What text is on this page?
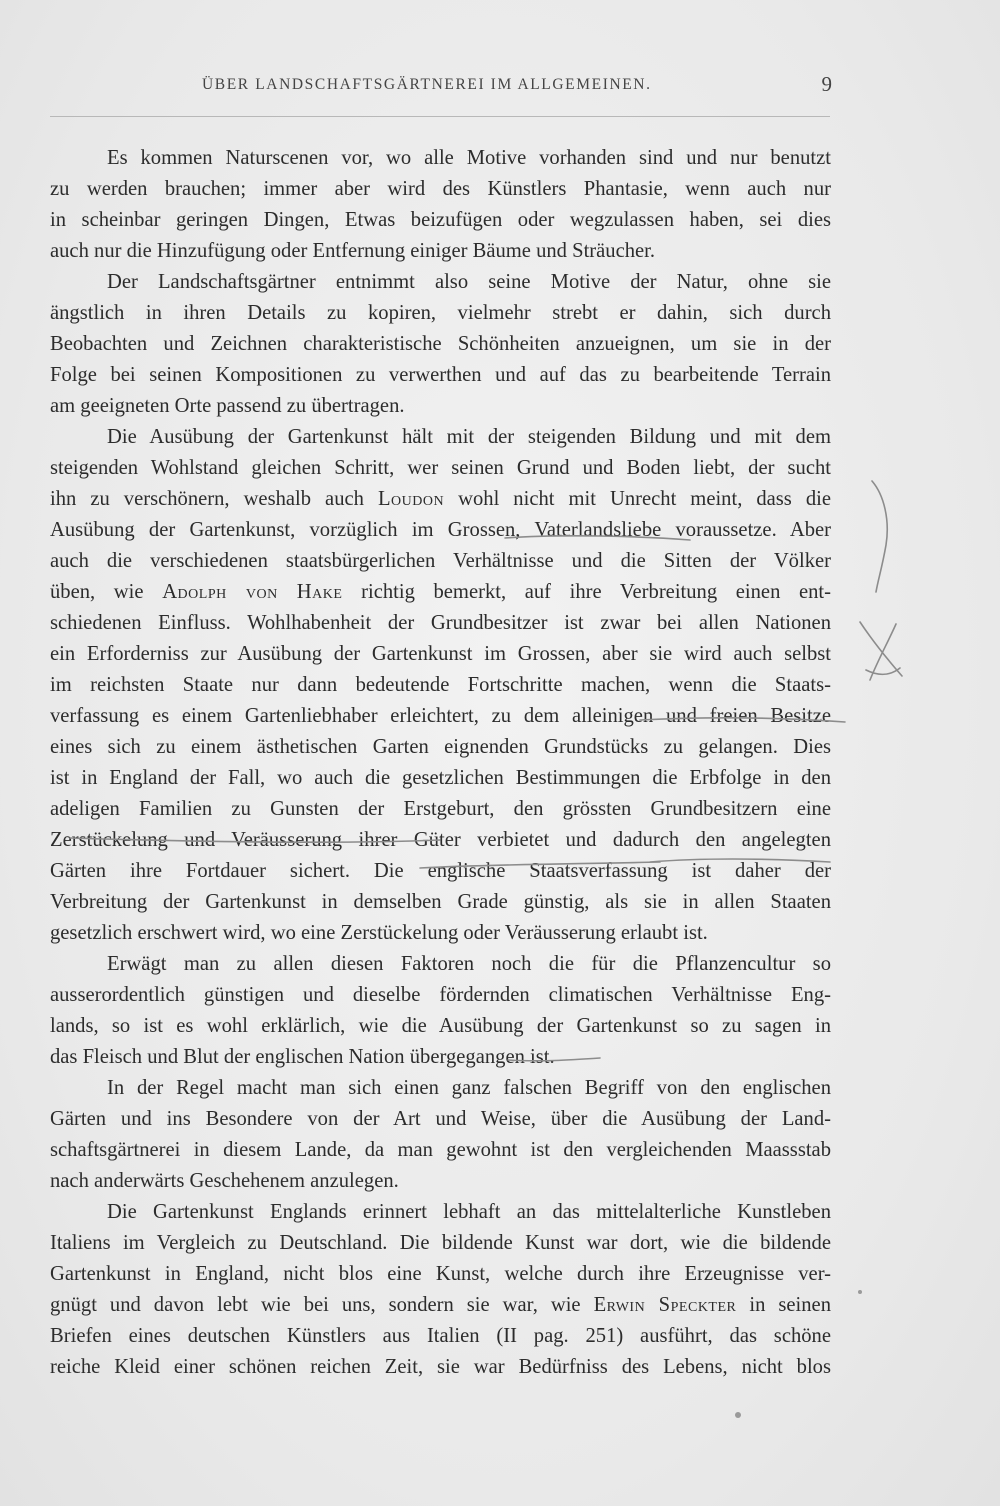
ÜBER LANDSCHAFTSGÄRTNEREI IM ALLGEMEINEN.	9
Es kommen Naturscenen vor, wo alle Motive vorhanden sind und nur benutzt
zu werden brauchen; immer aber wird des Künstlers Phantasie, wenn auch nur
in scheinbar geringen Dingen, Etwas beizufügen oder wegzulassen haben, sei dies
auch nur die Hinzufügung oder Entfernung einiger Bäume und Sträucher.
Der Landschaftsgärtner entnimmt also seine Motive der Natur, ohne sie
ängstlich in ihren Details zu kopiren, vielmehr strebt er dahin, sich durch
Beobachten und Zeichnen charakteristische Schönheiten anzueignen, um sie in der
Folge bei seinen Kompositionen zu verwerthen und auf das zu bearbeitende Terrain
am geeigneten Orte passend zu übertragen.
Die Ausübung der Gartenkunst hält mit der steigenden Bildung und mit dem
steigenden Wohlstand gleichen Schritt, wer seinen Grund und Boden liebt, der sucht
ihn zu verschönern, weshalb auch Loudon wohl nicht mit Unrecht meint, dass die
Ausübung der Gartenkunst, vorzüglich im Grossen, Vaterlandsliebe voraussetze. Aber
auch die verschiedenen staatsbürgerlichen Verhältnisse und die Sitten der Völker
üben, wie Adolph von Hake richtig bemerkt, auf ihre Verbreitung einen ent-
schiedenen Einfluss. Wohlhabenheit der Grundbesitzer ist zwar bei allen Nationen
ein Erforderniss zur Ausübung der Gartenkunst im Grossen, aber sie wird auch selbst
im reichsten Staate nur dann bedeutende Fortschritte machen, wenn die Staats-
verfassung es einem Gartenliebhaber erleichtert, zu dem alleinigen und freien Besitze
eines sich zu einem ästhetischen Garten eignenden Grundstücks zu gelangen. Dies
ist in England der Fall, wo auch die gesetzlichen Bestimmungen die Erbfolge in den
adeligen Familien zu Gunsten der Erstgeburt, den grössten Grundbesitzern eine
Zerstückelung und Veräusserung ihrer Güter verbietet und dadurch den angelegten
Gärten ihre Fortdauer sichert. Die englische Staatsverfassung ist daher der
Verbreitung der Gartenkunst in demselben Grade günstig, als sie in allen Staaten
gesetzlich erschwert wird, wo eine Zerstückelung oder Veräusserung erlaubt ist.
Erwägt man zu allen diesen Faktoren noch die für die Pflanzencultur so
ausserordentlich günstigen und dieselbe fördernden climatischen Verhältnisse Eng-
lands, so ist es wohl erklärlich, wie die Ausübung der Gartenkunst so zu sagen in
das Fleisch und Blut der englischen Nation übergegangen ist.
In der Regel macht man sich einen ganz falschen Begriff von den englischen
Gärten und ins Besondere von der Art und Weise, über die Ausübung der Land-
schaftsgärtnerei in diesem Lande, da man gewohnt ist den vergleichenden Maassstab
nach anderwärts Geschehenem anzulegen.
Die Gartenkunst Englands erinnert lebhaft an das mittelalterliche Kunstleben
Italiens im Vergleich zu Deutschland. Die bildende Kunst war dort, wie die bildende
Gartenkunst in England, nicht blos eine Kunst, welche durch ihre Erzeugnisse ver-
gnügt und davon lebt wie bei uns, sondern sie war, wie Erwin Speckter in seinen
Briefen eines deutschen Künstlers aus Italien (II pag. 251) ausführt, das schöne
reiche Kleid einer schönen reichen Zeit, sie war Bedürfniss des Lebens, nicht blos
